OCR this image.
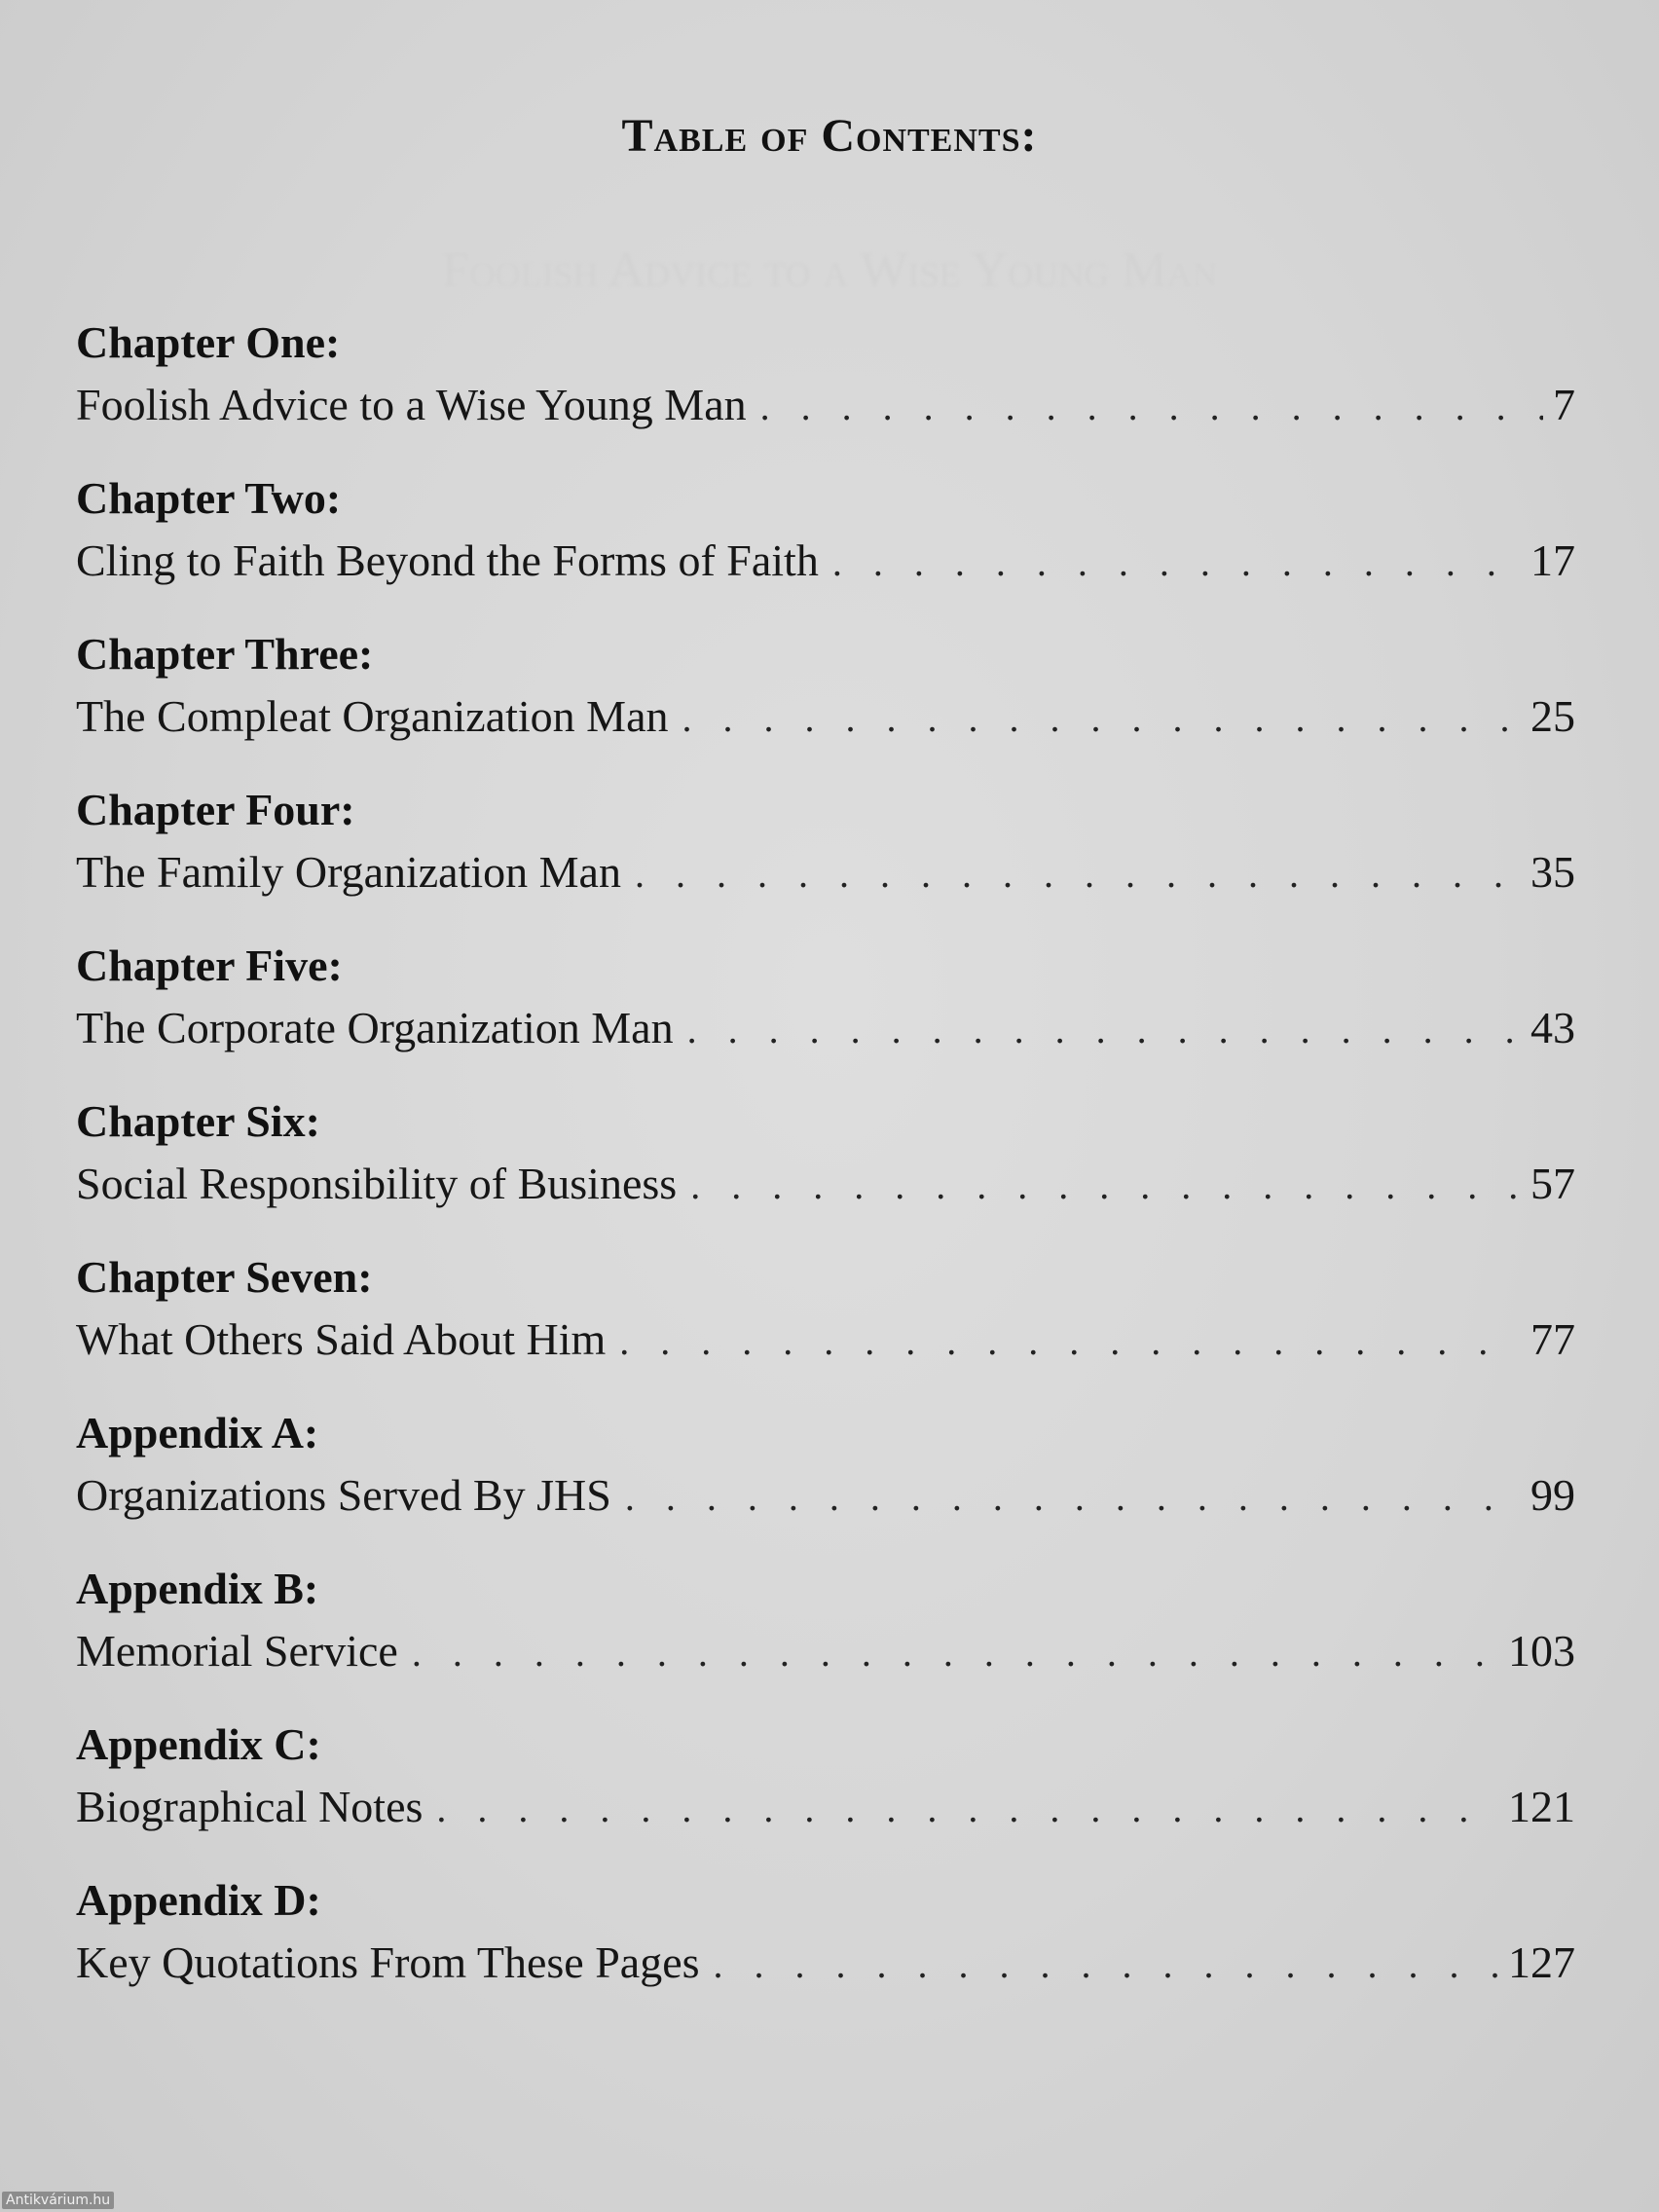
Table of Contents:
Foolish Advice to a Wise Young Man
Chapter One:
Foolish Advice to a Wise Young Man . . .	7
Chapter Two:
Cling to Faith Beyond the Forms of Faith . . .	17
Chapter Three:
The Compleat Organization Man . . .	25
Chapter Four:
The Family Organization Man . . .	35
Chapter Five:
The Corporate Organization Man . . .	43
Chapter Six:
Social Responsibility of Business . . .	57
Chapter Seven:
What Others Said About Him . . .	77
Appendix A:
Organizations Served By JHS . . .	99
Appendix B:
Memorial Service . . .	103
Appendix C:
Biographical Notes . . .	121
Appendix D:
Key Quotations From These Pages . . .	127
Antikvárium.hu
